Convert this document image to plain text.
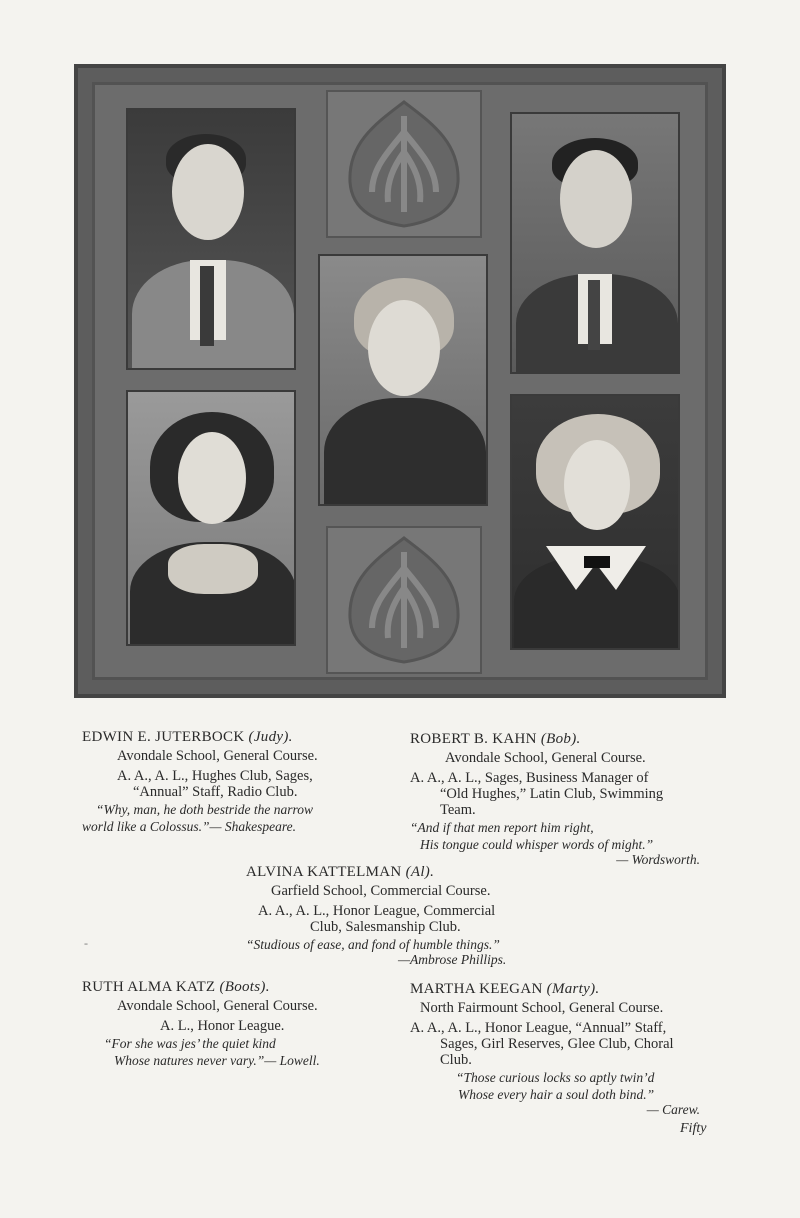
EDWIN E. JUTERBOCK (Judy).
Avondale School, General Course.
A. A., A. L., Hughes Club, Sages,
“Annual” Staff, Radio Club.
“Why, man, he doth bestride the narrow
world like a Colossus.”— Shakespeare.
ROBERT B. KAHN (Bob).
Avondale School, General Course.
A. A., A. L., Sages, Business Manager of
“Old Hughes,” Latin Club, Swimming
Team.
“And if that men report him right,
His tongue could whisper words of might.”
— Wordsworth.
ALVINA KATTELMAN (Al).
Garfield School, Commercial Course.
A. A., A. L., Honor League, Commercial
Club, Salesmanship Club.
“Studious of ease, and fond of humble things.”
—Ambrose Phillips.
-
RUTH ALMA KATZ (Boots).
Avondale School, General Course.
A. L., Honor League.
“For she was jes’ the quiet kind
Whose natures never vary.”— Lowell.
MARTHA KEEGAN (Marty).
North Fairmount School, General Course.
A. A., A. L., Honor League, “Annual” Staff,
Sages, Girl Reserves, Glee Club, Choral
Club.
“Those curious locks so aptly twin’d
Whose every hair a soul doth bind.”
— Carew.
Fifty
